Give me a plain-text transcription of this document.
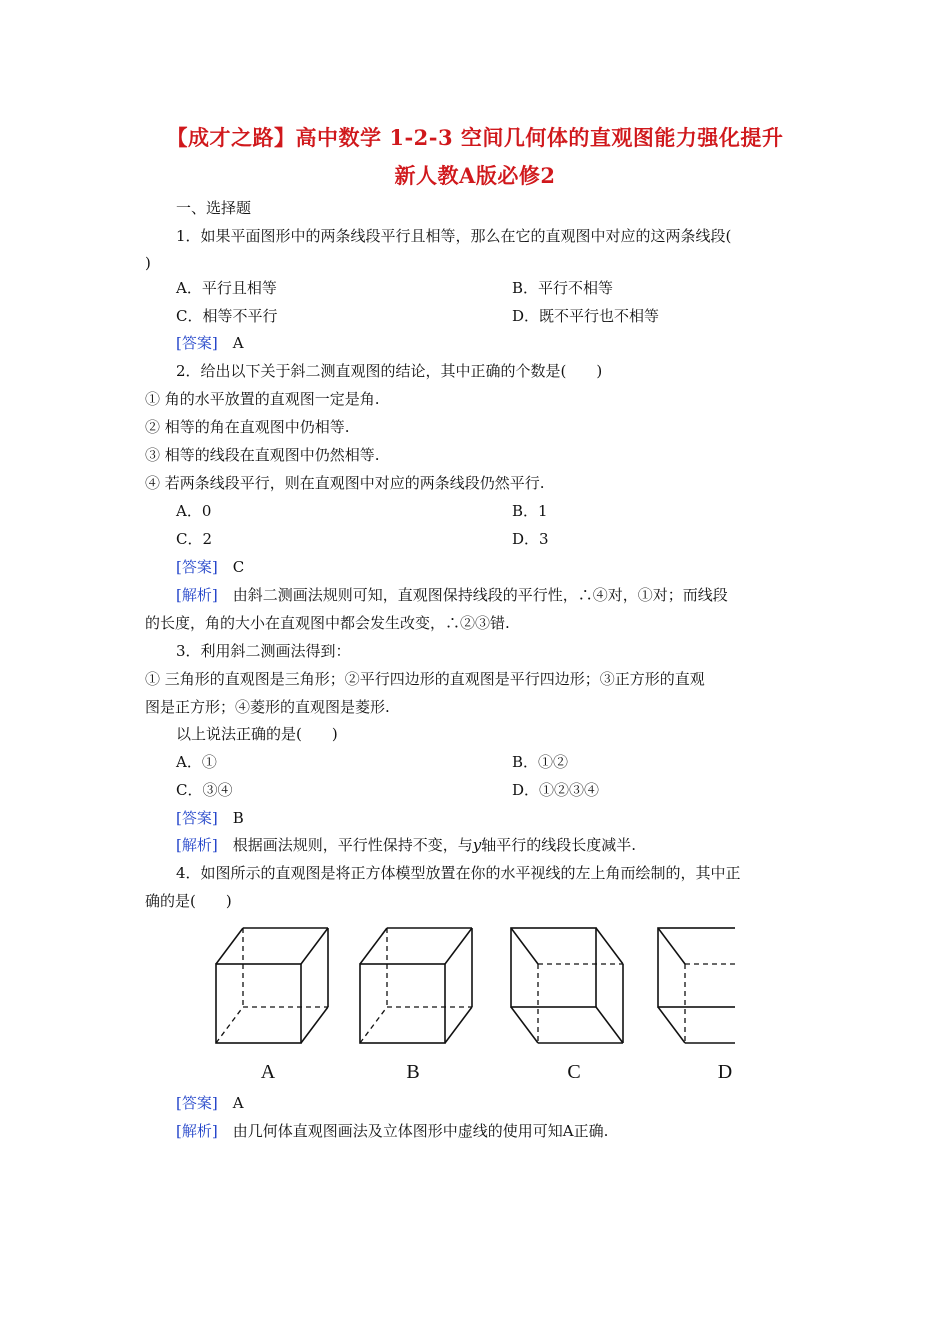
【成才之路】高中数学 1-2-3 空间几何体的直观图能力强化提升
新人教A版必修2
一、选择题
1．如果平面图形中的两条线段平行且相等，那么在它的直观图中对应的这两条线段(
)
A．平行且相等	B．平行不相等
C．相等不平行	D．既不平行也不相等
[答案]　 A
2．给出以下关于斜二测直观图的结论，其中正确的个数是(　　)
① 角的水平放置的直观图一定是角.
② 相等的角在直观图中仍相等.
③ 相等的线段在直观图中仍然相等.
④ 若两条线段平行，则在直观图中对应的两条线段仍然平行.
A．0	B．1
C．2	D．3
[答案]　 C
[解析]　 由斜二测画法规则可知，直观图保持线段的平行性，∴④对，①对；而线段
的长度，角的大小在直观图中都会发生改变，∴②③错.
3．利用斜二测画法得到：
① 三角形的直观图是三角形；②平行四边形的直观图是平行四边形；③正方形的直观
图是正方形；④菱形的直观图是菱形.
以上说法正确的是(　　)
A．①	B．①②
C．③④	D．①②③④
[答案]　 B
[解析]　 根据画法规则，平行性保持不变，与y轴平行的线段长度减半.
4．如图所示的直观图是将正方体模型放置在你的水平视线的左上角而绘制的，其中正
确的是(　　)
A	B	C	D
[答案]　 A
[解析]　 由几何体直观图画法及立体图形中虚线的使用可知A正确.
